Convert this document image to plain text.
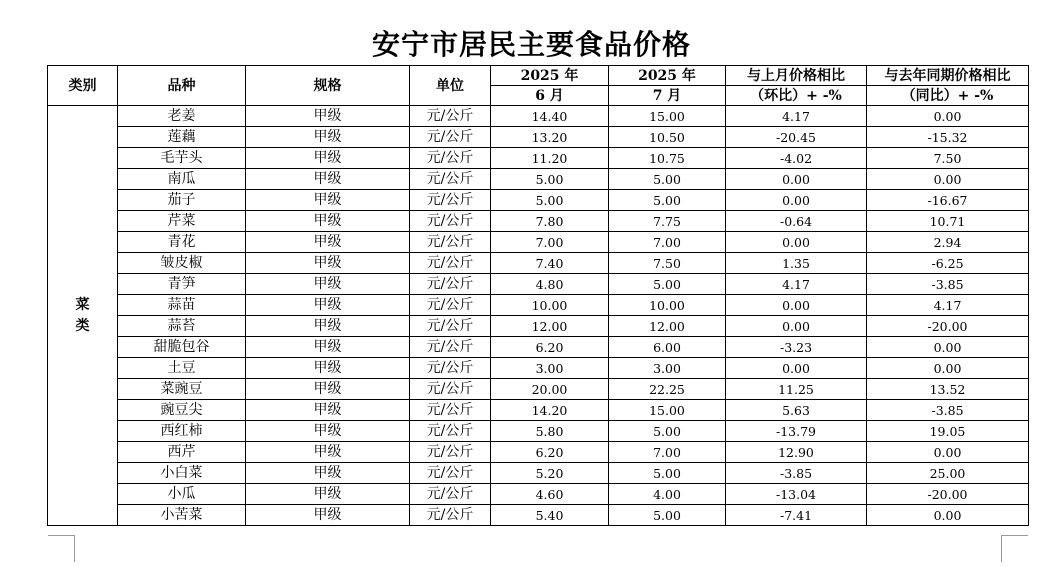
安宁市居民主要食品价格
类别	品种	规格	单位	2025 年	2025 年	与上月价格相比	与去年同期价格相比
				6 月	7 月	（环比）+ -%	（同比）+ -%

菜
类	老姜	甲级	元/公斤	14.40	15.00	4.17	0.00
	莲藕	甲级	元/公斤	13.20	10.50	-20.45	-15.32
	毛芋头	甲级	元/公斤	11.20	10.75	-4.02	7.50
	南瓜	甲级	元/公斤	5.00	5.00	0.00	0.00
	茄子	甲级	元/公斤	5.00	5.00	0.00	-16.67
	芹菜	甲级	元/公斤	7.80	7.75	-0.64	10.71
	青花	甲级	元/公斤	7.00	7.00	0.00	2.94
	皱皮椒	甲级	元/公斤	7.40	7.50	1.35	-6.25
	青笋	甲级	元/公斤	4.80	5.00	4.17	-3.85
	蒜苗	甲级	元/公斤	10.00	10.00	0.00	4.17
	蒜苔	甲级	元/公斤	12.00	12.00	0.00	-20.00
	甜脆包谷	甲级	元/公斤	6.20	6.00	-3.23	0.00
	土豆	甲级	元/公斤	3.00	3.00	0.00	0.00
	菜豌豆	甲级	元/公斤	20.00	22.25	11.25	13.52
	豌豆尖	甲级	元/公斤	14.20	15.00	5.63	-3.85
	西红柿	甲级	元/公斤	5.80	5.00	-13.79	19.05
	西芹	甲级	元/公斤	6.20	7.00	12.90	0.00
	小白菜	甲级	元/公斤	5.20	5.00	-3.85	25.00
	小瓜	甲级	元/公斤	4.60	4.00	-13.04	-20.00
	小苦菜	甲级	元/公斤	5.40	5.00	-7.41	0.00
